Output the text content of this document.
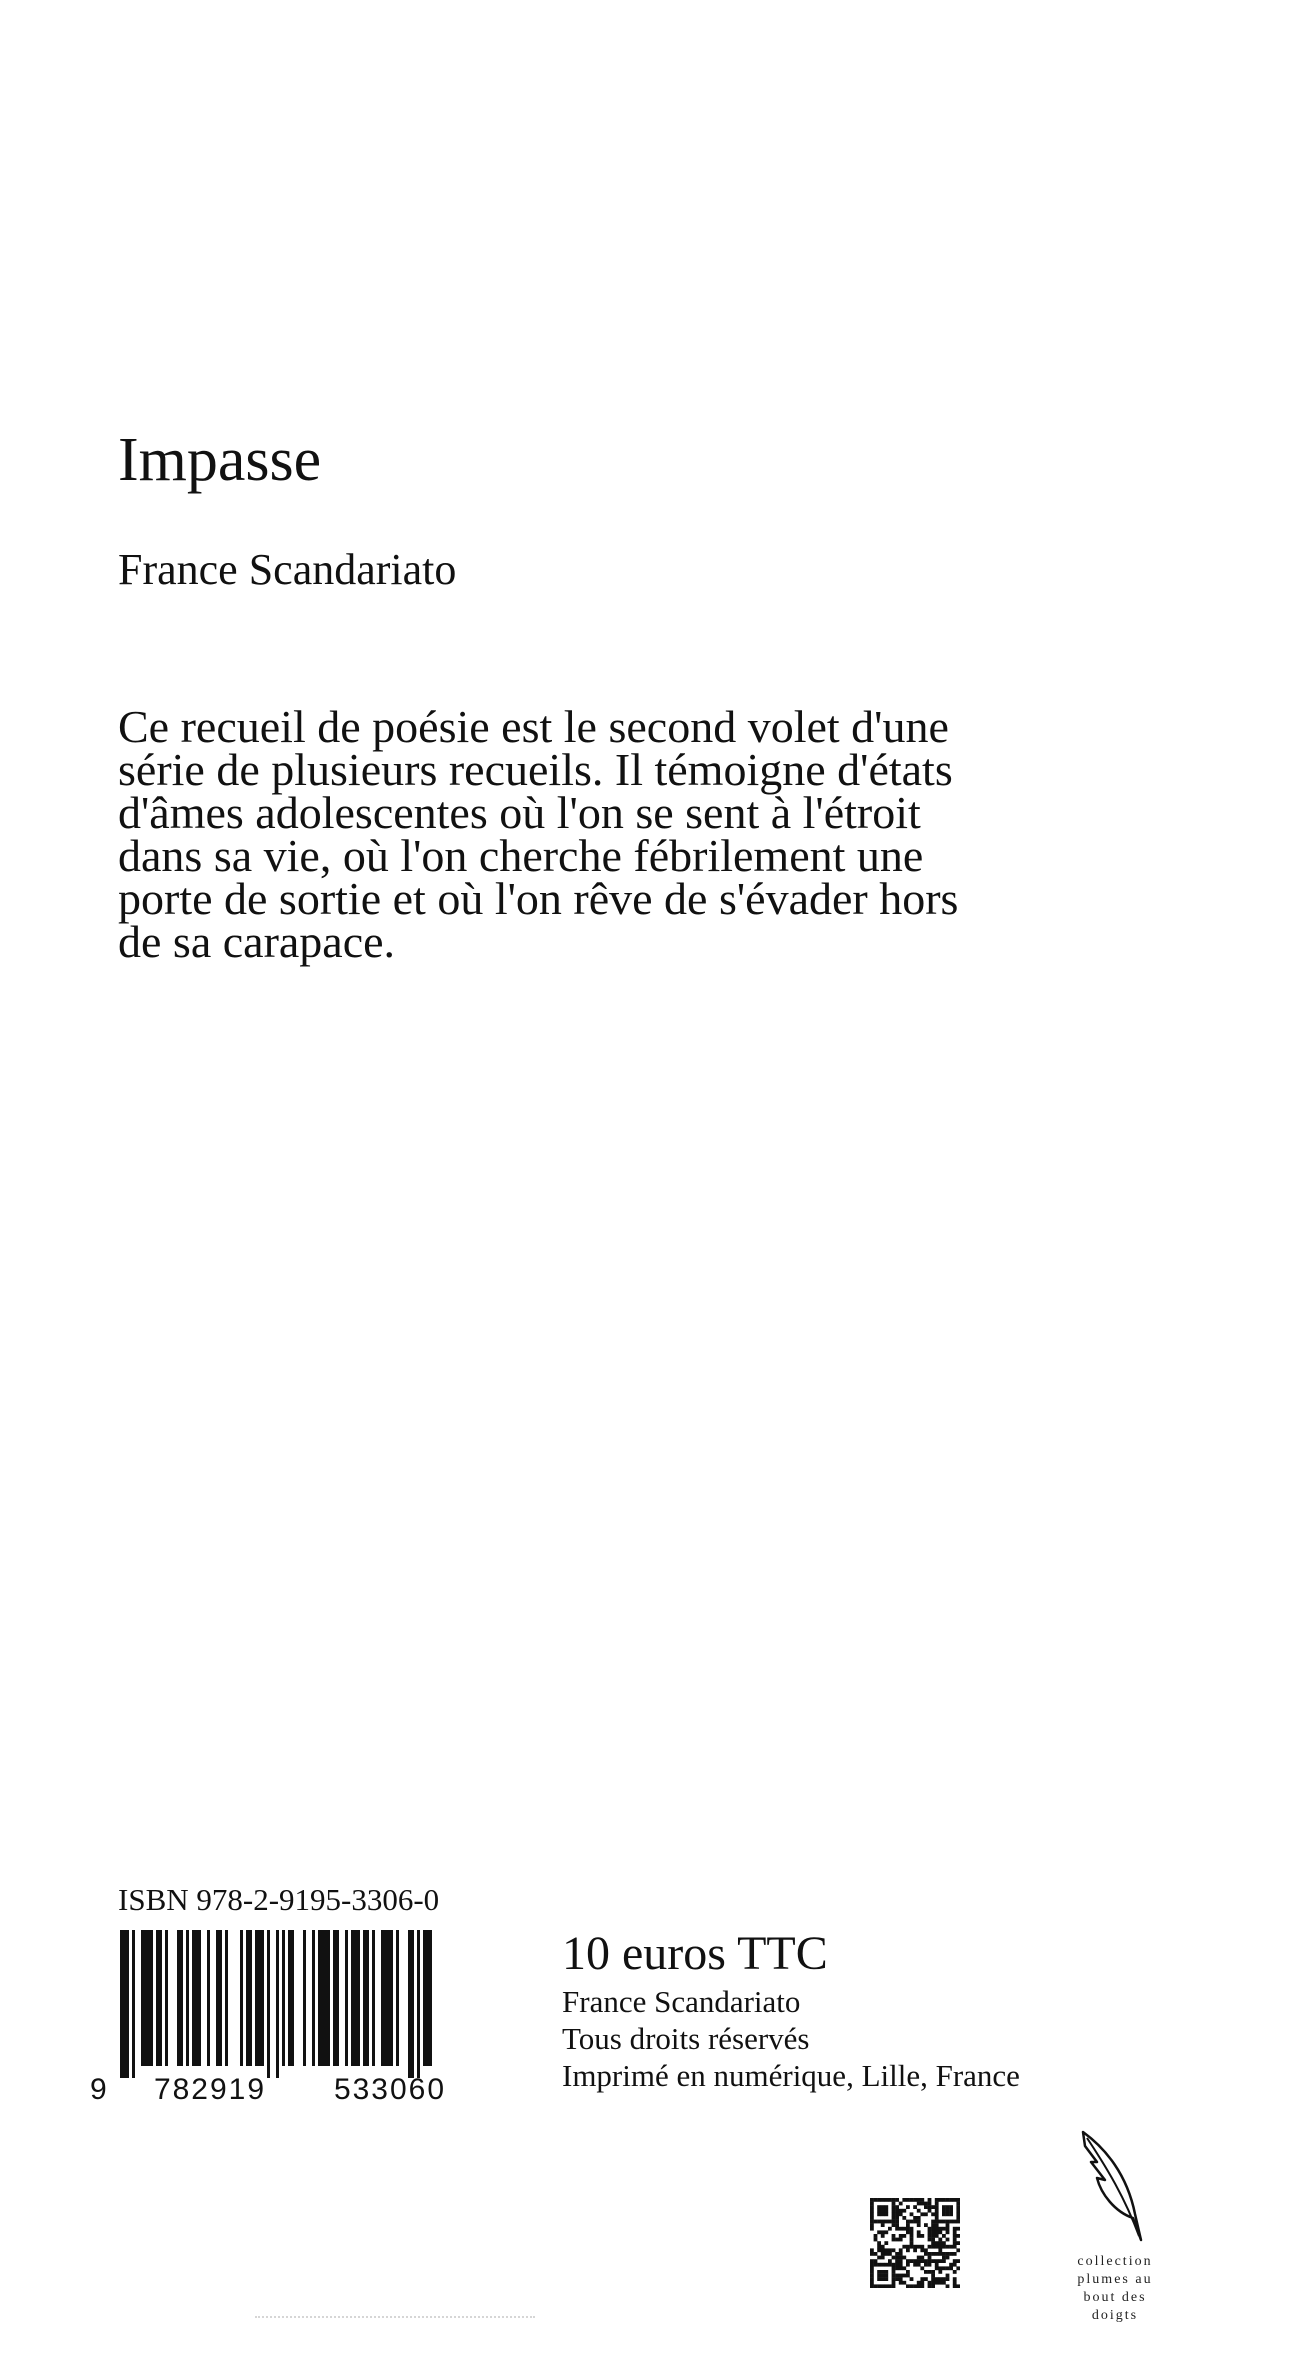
Impasse
France Scandariato
Ce recueil de poésie est le second volet d'une série de plusieurs recueils. Il témoigne d'états d'âmes adolescentes où l'on se sent à l'étroit dans sa vie, où l'on cherche fébrilement une porte de sortie et où l'on rêve de s'évader hors de sa carapace.
ISBN 978-2-9195-3306-0
9 782919 533060
10 euros TTC
France Scandariato
Tous droits réservés
Imprimé en numérique, Lille, France
collection
plumes au
bout des
doigts
